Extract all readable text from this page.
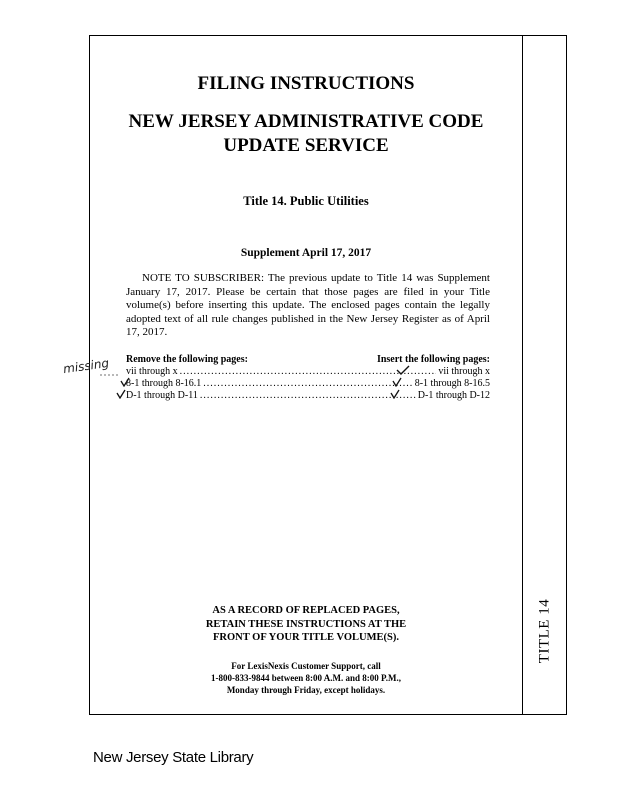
FILING INSTRUCTIONS
NEW JERSEY ADMINISTRATIVE CODE
UPDATE SERVICE
Title 14. Public Utilities
Supplement April 17, 2017
NOTE TO SUBSCRIBER: The previous update to Title 14 was Supplement January 17, 2017. Please be certain that those pages are filed in your Title volume(s) before inserting this update. The enclosed pages contain the legally adopted text of all rule changes published in the New Jersey Register as of April 17, 2017.
Remove the following pages:	Insert the following pages:
vii through x .....	vii through x
8-1 through 8-16.1 .....	8-1 through 8-16.5
D-1 through D-11 .....	D-1 through D-12
AS A RECORD OF REPLACED PAGES,
RETAIN THESE INSTRUCTIONS AT THE
FRONT OF YOUR TITLE VOLUME(S).
For LexisNexis Customer Support, call
1-800-833-9844 between 8:00 A.M. and 8:00 P.M.,
Monday through Friday, except holidays.
TITLE 14
missing
New Jersey State Library
